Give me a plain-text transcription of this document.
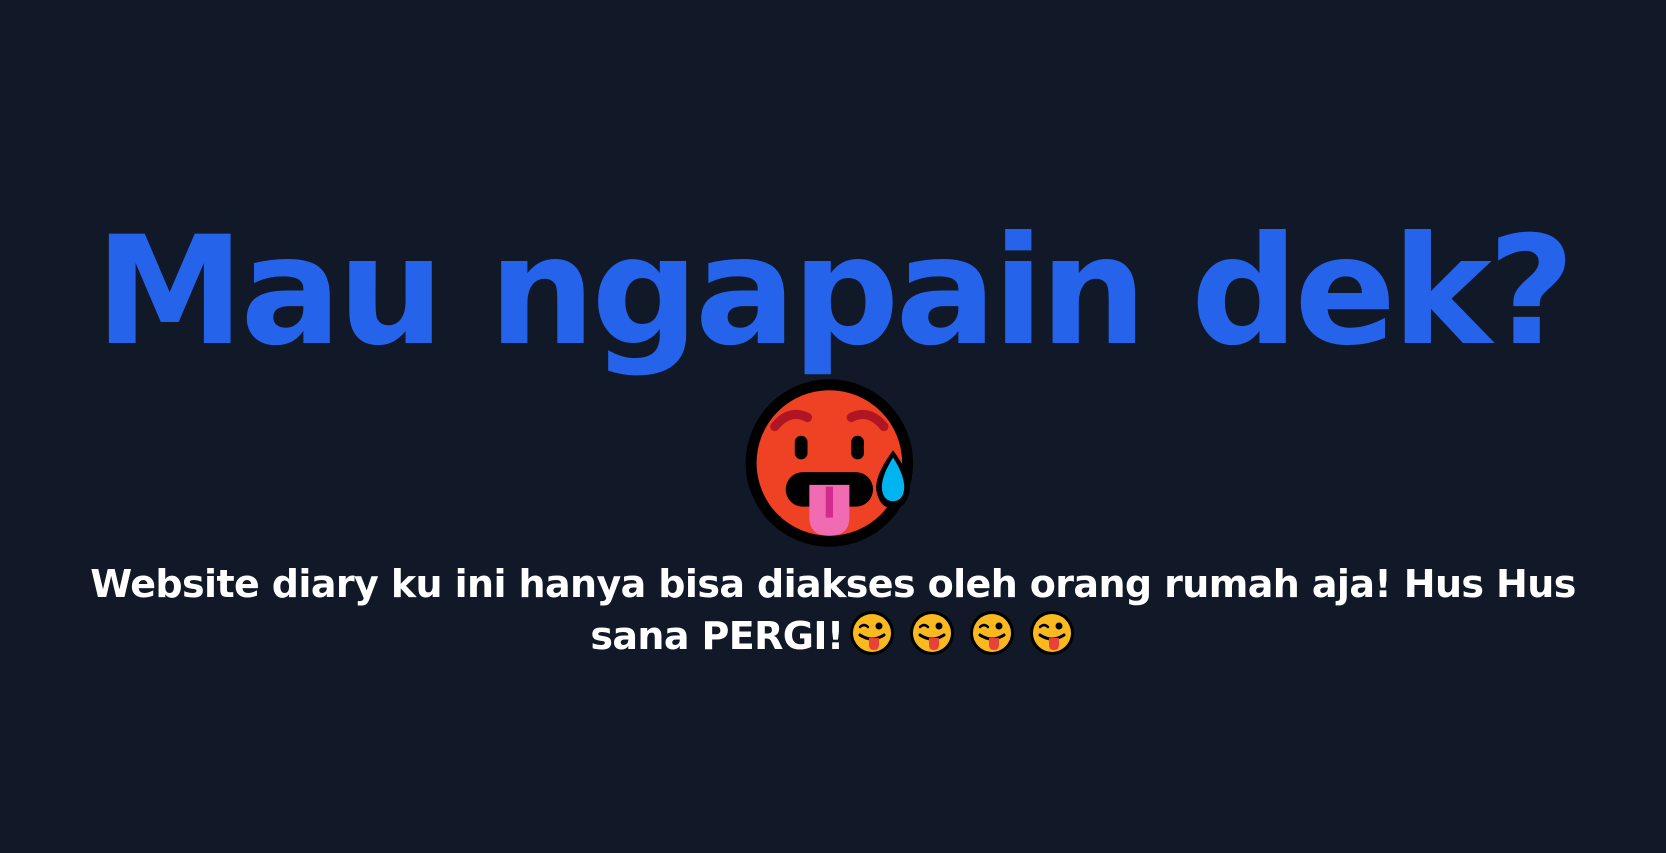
Mau ngapain dek?

Website diary ku ini hanya bisa diakses oleh orang rumah aja! Hus Hus sana PERGI!
